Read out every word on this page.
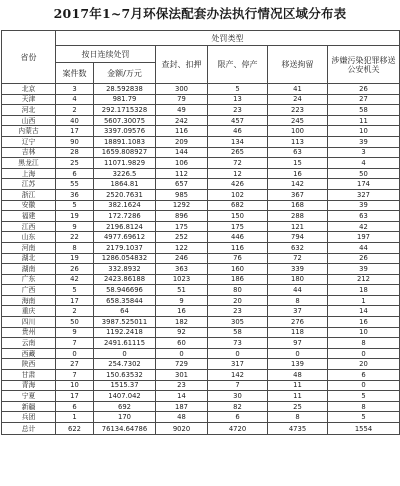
2017年1~7月环保法配套办法执行情况区域分布表
省份	处罚类型					
	按日连续处罚		查封、扣押	限产、停产	移送拘留	涉嫌污染犯罪移送公安机关
	案件数	金额/万元				
北京	3	28.592838	300	5	41	26
天津	4	981.79	79	13	24	27
河北	2	292.1715328	49	23	223	58
山西	40	5607.30075	242	457	245	11
内蒙古	17	3397.09576	116	46	100	10
辽宁	90	18891.1083	209	134	113	39
吉林	28	1659.808927	144	265	63	3
黑龙江	25	11071.9829	106	72	15	4
上海	6	3226.5	112	12	16	50
江苏	55	1864.81	657	426	142	174
浙江	36	2520.7631	985	102	367	327
安徽	5	382.1624	1292	682	168	39
福建	19	172.7286	896	150	288	63
江西	9	2196.8124	175	175	121	42
山东	22	4977.69612	252	446	794	197
河南	8	2179.1037	122	116	632	44
湖北	19	1286.054832	246	76	72	26
湖南	26	332.8932	363	160	339	39
广东	42	2423.86188	1023	186	180	212
广西	5	58.946696	51	80	44	18
海南	17	658.35844	9	20	8	1
重庆	2	64	16	23	37	14
四川	50	3987.525011	182	305	276	16
贵州	9	1192.2418	92	58	118	10
云南	7	2491.61115	60	73	97	8
西藏	0	0	0	0	0	0
陕西	27	254.7302	729	317	139	20
甘肃	7	150.63532	301	142	48	6
青海	10	1515.37	23	7	11	0
宁夏	17	1407.042	14	30	11	5
新疆	6	692	187	82	25	8
兵团	1	170	48	6	8	5
总计	622	76134.64786	9020	4720	4735	1554
